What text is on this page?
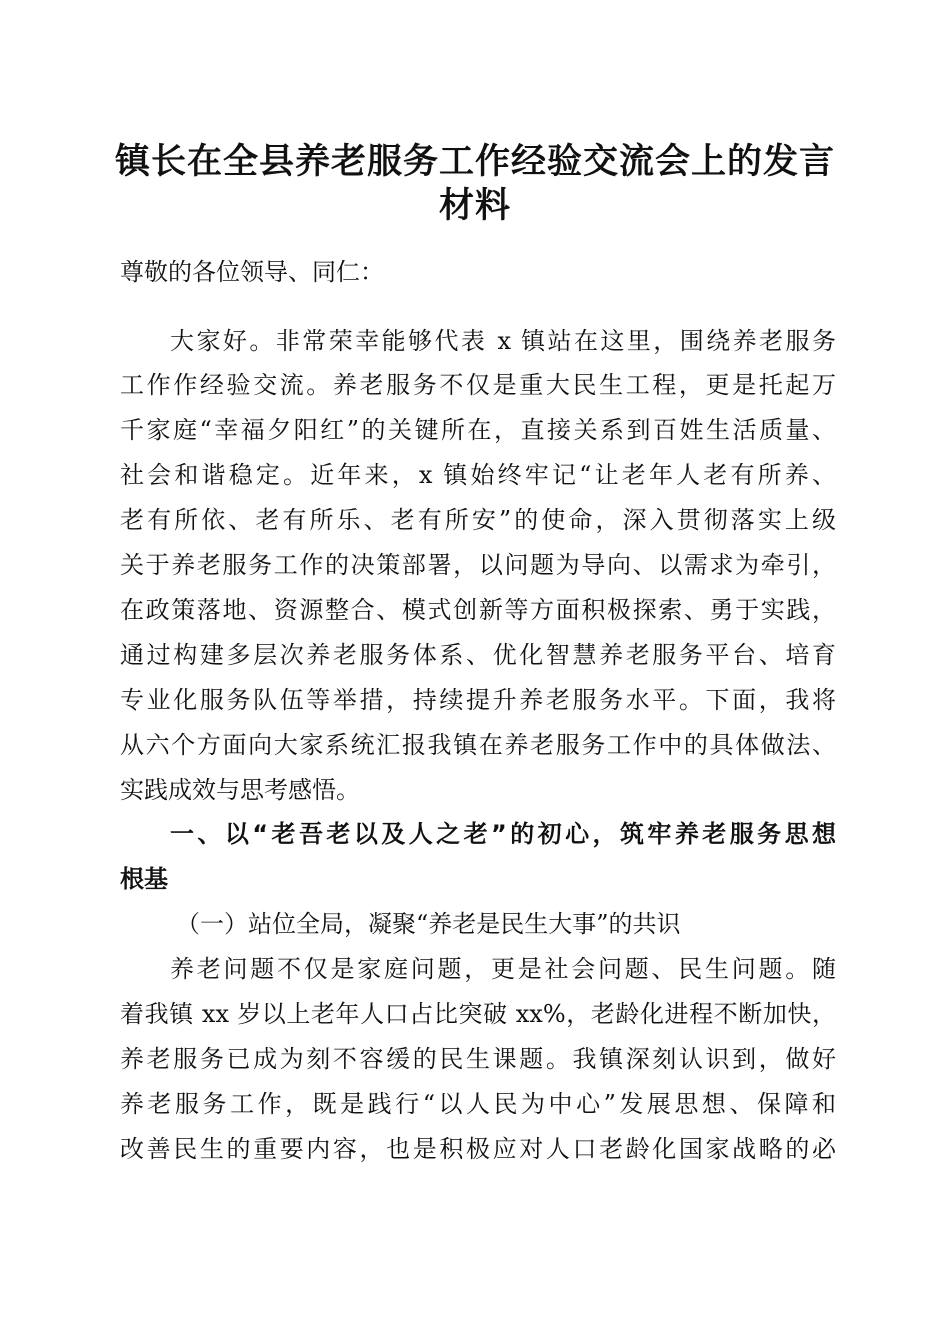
镇长在全县养老服务工作经验交流会上的发言
材料
尊敬的各位领导、同仁：
大家好。非常荣幸能够代表 x 镇站在这里，围绕养老服务
工作作经验交流。养老服务不仅是重大民生工程，更是托起万
千家庭“幸福夕阳红”的关键所在，直接关系到百姓生活质量、
社会和谐稳定。近年来，x 镇始终牢记“让老年人老有所养、
老有所依、老有所乐、老有所安”的使命，深入贯彻落实上级
关于养老服务工作的决策部署，以问题为导向、以需求为牵引，
在政策落地、资源整合、模式创新等方面积极探索、勇于实践，
通过构建多层次养老服务体系、优化智慧养老服务平台、培育
专业化服务队伍等举措，持续提升养老服务水平。下面，我将
从六个方面向大家系统汇报我镇在养老服务工作中的具体做法、
实践成效与思考感悟。
一、以“老吾老以及人之老”的初心，筑牢养老服务思想
根基
（一）站位全局，凝聚“养老是民生大事”的共识
养老问题不仅是家庭问题，更是社会问题、民生问题。随
着我镇 xx 岁以上老年人口占比突破 xx%，老龄化进程不断加快，
养老服务已成为刻不容缓的民生课题。我镇深刻认识到，做好
养老服务工作，既是践行“以人民为中心”发展思想、保障和
改善民生的重要内容，也是积极应对人口老龄化国家战略的必
